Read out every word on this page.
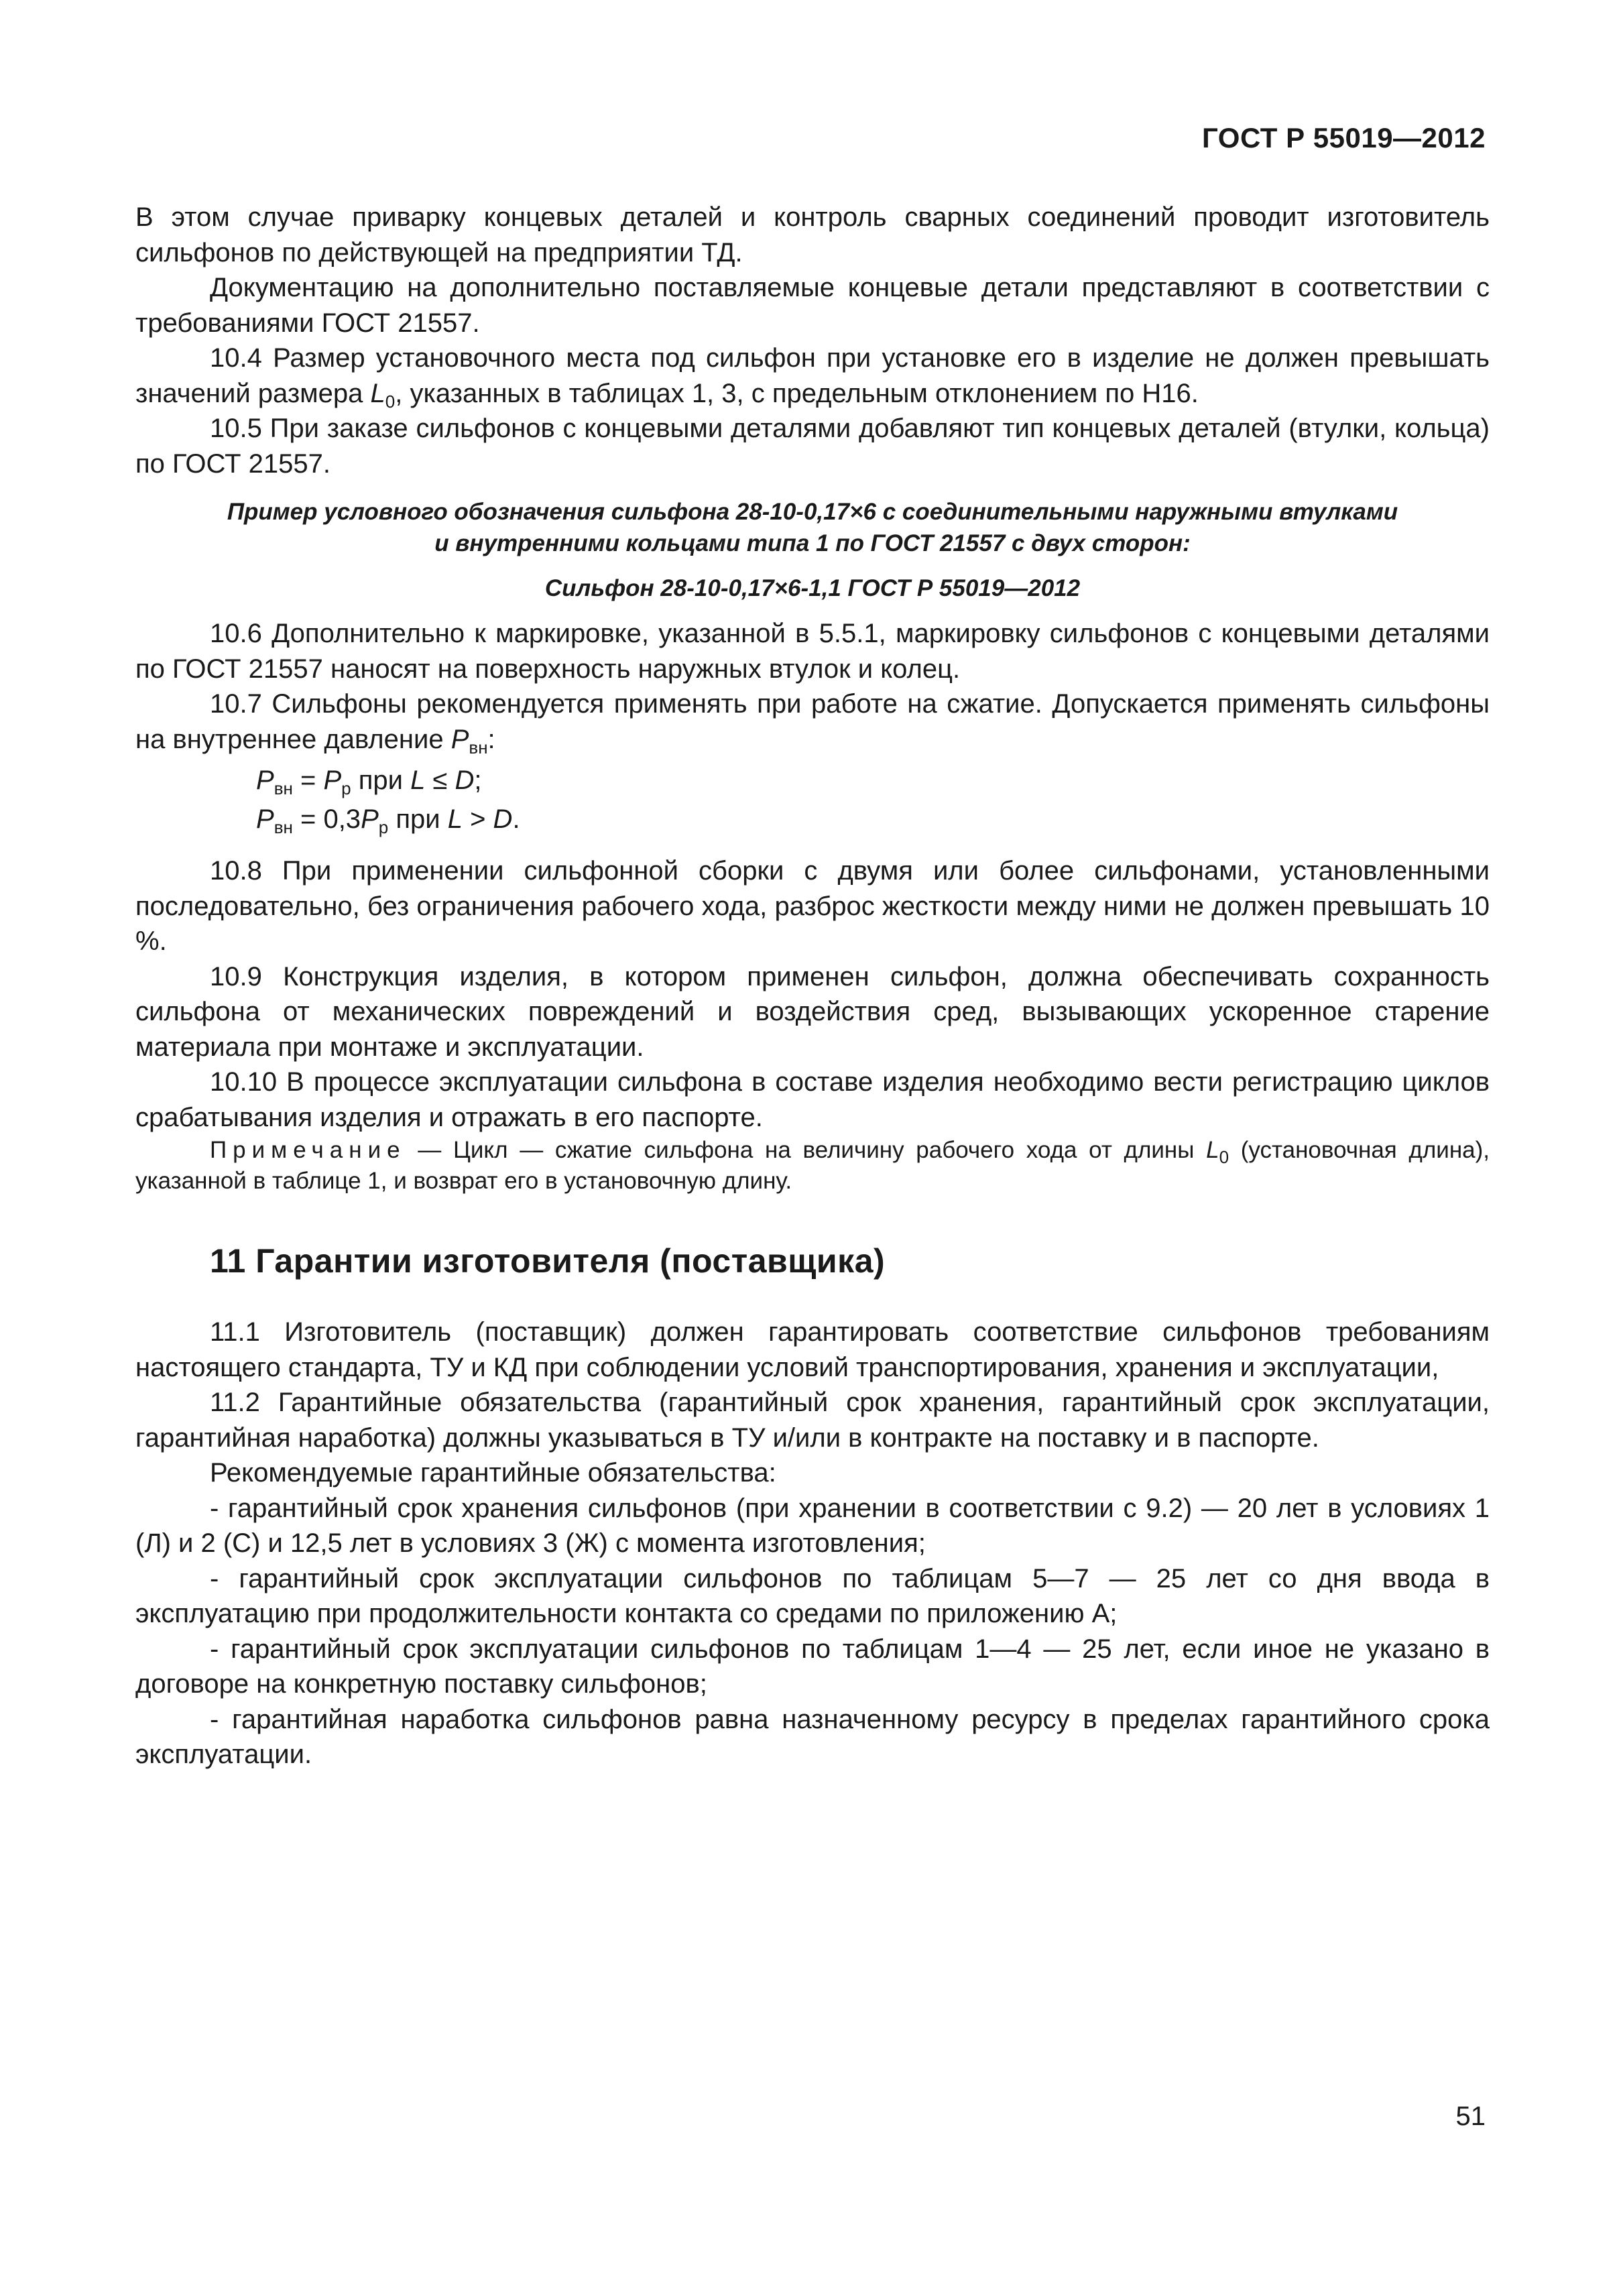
ГОСТ Р 55019—2012

В этом случае приварку концевых деталей и контроль сварных соединений проводит изготовитель сильфонов по действующей на предприятии ТД.

Документацию на дополнительно поставляемые концевые детали представляют в соответствии с требованиями ГОСТ 21557.

10.4 Размер установочного места под сильфон при установке его в изделие не должен превышать значений размера $L_0$, указанных в таблицах 1, 3, с предельным отклонением по Н16.

10.5 При заказе сильфонов с концевыми деталями добавляют тип концевых деталей (втулки, кольца) по ГОСТ 21557.

Пример условного обозначения сильфона 28-10-0,17×6 с соединительными наружными втулками
и внутренними кольцами типа 1 по ГОСТ 21557 с двух сторон:
Сильфон 28-10-0,17×6-1,1 ГОСТ Р 55019—2012

10.6 Дополнительно к маркировке, указанной в 5.5.1, маркировку сильфонов с концевыми деталями по ГОСТ 21557 наносят на поверхность наружных втулок и колец.

10.7 Сильфоны рекомендуется применять при работе на сжатие. Допускается применять сильфоны на внутреннее давление $P_{вн}$:

$P_{вн} = P_р$ при L ≤ D;

$P_{вн} = 0,3P_р$ при L > D.

10.8 При применении сильфонной сборки с двумя или более сильфонами, установленными последовательно, без ограничения рабочего хода, разброс жесткости между ними не должен превышать 10 %.

10.9 Конструкция изделия, в котором применен сильфон, должна обеспечивать сохранность сильфона от механических повреждений и воздействия сред, вызывающих ускоренное старение материала при монтаже и эксплуатации.

10.10 В процессе эксплуатации сильфона в составе изделия необходимо вести регистрацию циклов срабатывания изделия и отражать в его паспорте.

Примечание — Цикл — сжатие сильфона на величину рабочего хода от длины $L_0$ (установочная длина), указанной в таблице 1, и возврат его в установочную длину.

11 Гарантии изготовителя (поставщика)

11.1 Изготовитель (поставщик) должен гарантировать соответствие сильфонов требованиям настоящего стандарта, ТУ и КД при соблюдении условий транспортирования, хранения и эксплуатации,

11.2 Гарантийные обязательства (гарантийный срок хранения, гарантийный срок эксплуатации, гарантийная наработка) должны указываться в ТУ и/или в контракте на поставку и в паспорте.

Рекомендуемые гарантийные обязательства:

- гарантийный срок хранения сильфонов (при хранении в соответствии с 9.2) — 20 лет в условиях 1 (Л) и 2 (С) и 12,5 лет в условиях 3 (Ж) с момента изготовления;

- гарантийный срок эксплуатации сильфонов по таблицам 5—7 — 25 лет со дня ввода в эксплуатацию при продолжительности контакта со средами по приложению А;

- гарантийный срок эксплуатации сильфонов по таблицам 1—4 — 25 лет, если иное не указано в договоре на конкретную поставку сильфонов;

- гарантийная наработка сильфонов равна назначенному ресурсу в пределах гарантийного срока эксплуатации.

51
